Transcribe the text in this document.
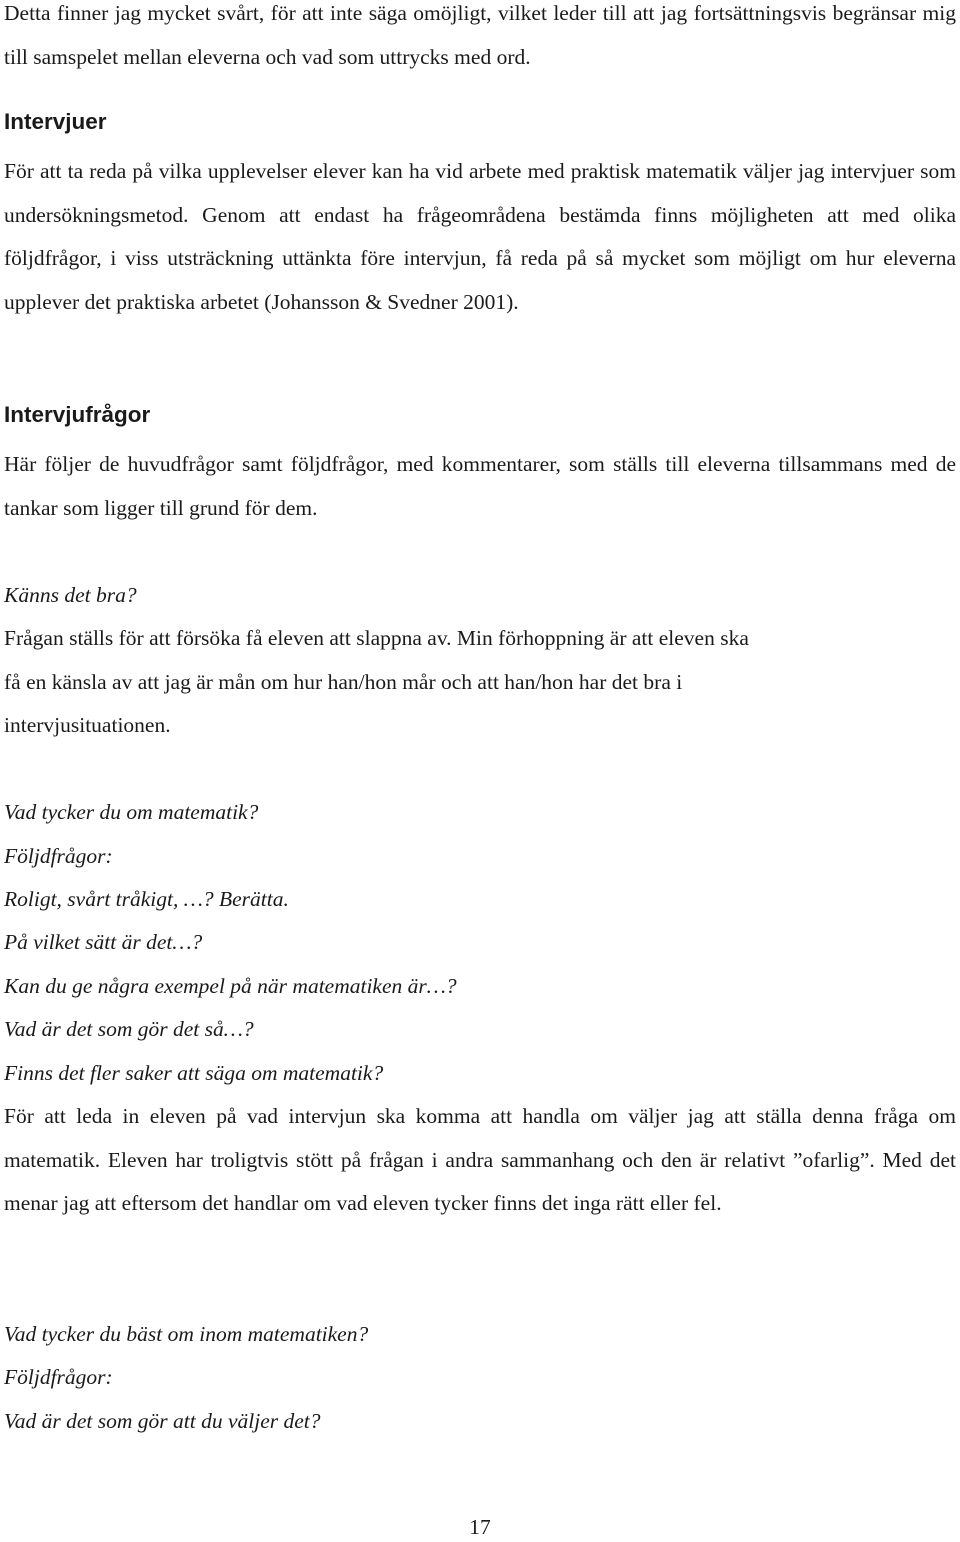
Detta finner jag mycket svårt, för att inte säga omöjligt, vilket leder till att jag fortsättningsvis begränsar mig till samspelet mellan eleverna och vad som uttrycks med ord.

Intervjuer

För att ta reda på vilka upplevelser elever kan ha vid arbete med praktisk matematik väljer jag intervjuer som undersökningsmetod. Genom att endast ha frågeområdena bestämda finns möjligheten att med olika följdfrågor, i viss utsträckning uttänkta före intervjun, få reda på så mycket som möjligt om hur eleverna upplever det praktiska arbetet (Johansson & Svedner 2001).

Intervjufrågor

Här följer de huvudfrågor samt följdfrågor, med kommentarer, som ställs till eleverna tillsammans med de tankar som ligger till grund för dem.

Känns det bra?

Frågan ställs för att försöka få eleven att slappna av. Min förhoppning är att eleven ska

få en känsla av att jag är mån om hur han/hon mår och att han/hon har det bra i

intervjusituationen.

Vad tycker du om matematik?

Följdfrågor:

Roligt, svårt tråkigt, …? Berätta.

På vilket sätt är det…?

Kan du ge några exempel på när matematiken är…?

Vad är det som gör det så…?

Finns det fler saker att säga om matematik?

För att leda in eleven på vad intervjun ska komma att handla om väljer jag att ställa denna fråga om matematik. Eleven har troligtvis stött på frågan i andra sammanhang och den är relativt ”ofarlig”. Med det menar jag att eftersom det handlar om vad eleven tycker finns det inga rätt eller fel.

Vad tycker du bäst om inom matematiken?

Följdfrågor:

Vad är det som gör att du väljer det?

17
